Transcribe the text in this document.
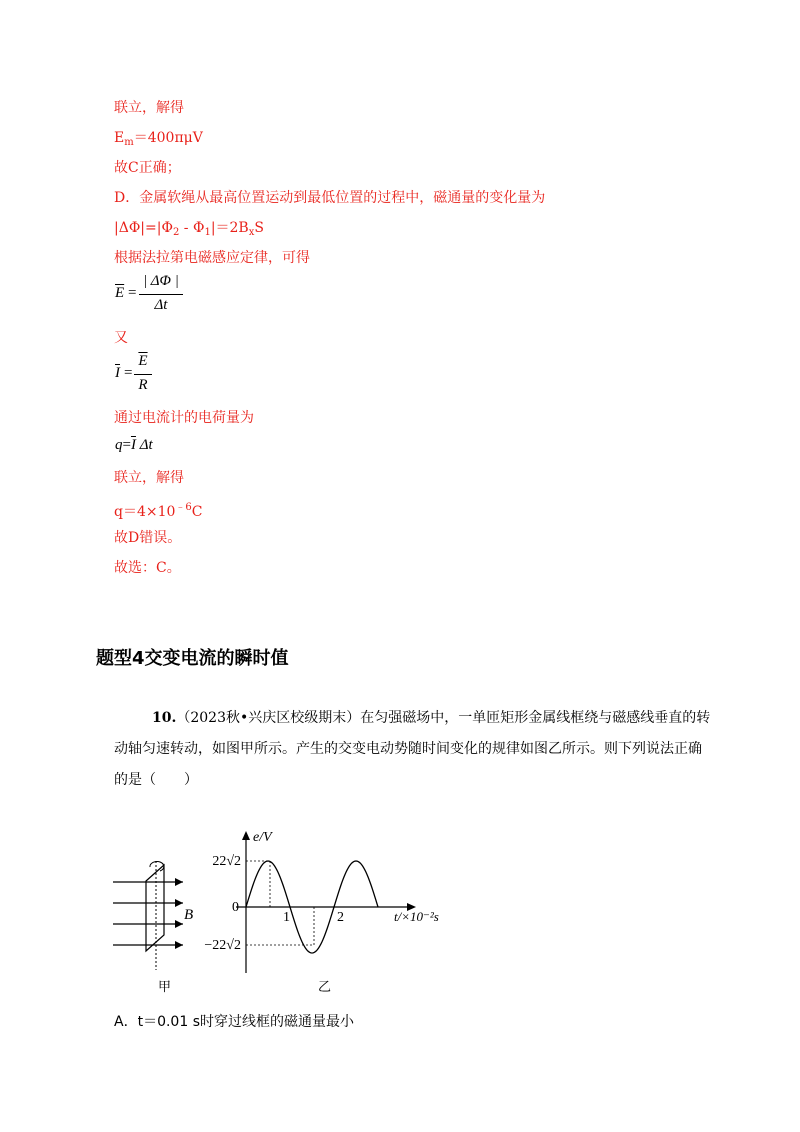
联立，解得
$E_m=400\pi\mu V$
故C正确；
D．金属软绳从最高位置运动到最低位置的过程中，磁通量的变化量为
$|\Delta\Phi|=|\Phi_2 - \Phi_1|=2B_xS$
根据法拉第电磁感应定律，可得
$\overline{E}$ =
| ΔΦ |
Δt
又
$\overline{I}$ =
$\overline{E}$
R
通过电流计的电荷量为
$q=\overline{I}$ Δt
联立，解得
$q=4\times 10^{﹣6}C$
故D错误。
故选：C。
题型4交变电流的瞬时值
10.（2023秋•兴庆区校级期末）在匀强磁场中，一单匝矩形金属线框绕与磁感线垂直的转动轴匀速转动，如图甲所示。产生的交变电动势随时间变化的规律如图乙所示。则下列说法正确的是（　　）
B
甲
e/V
22√2
−22√2
0
1	2	t/×10⁻²s
乙
A．t＝0.01 s时穿过线框的磁通量最小
